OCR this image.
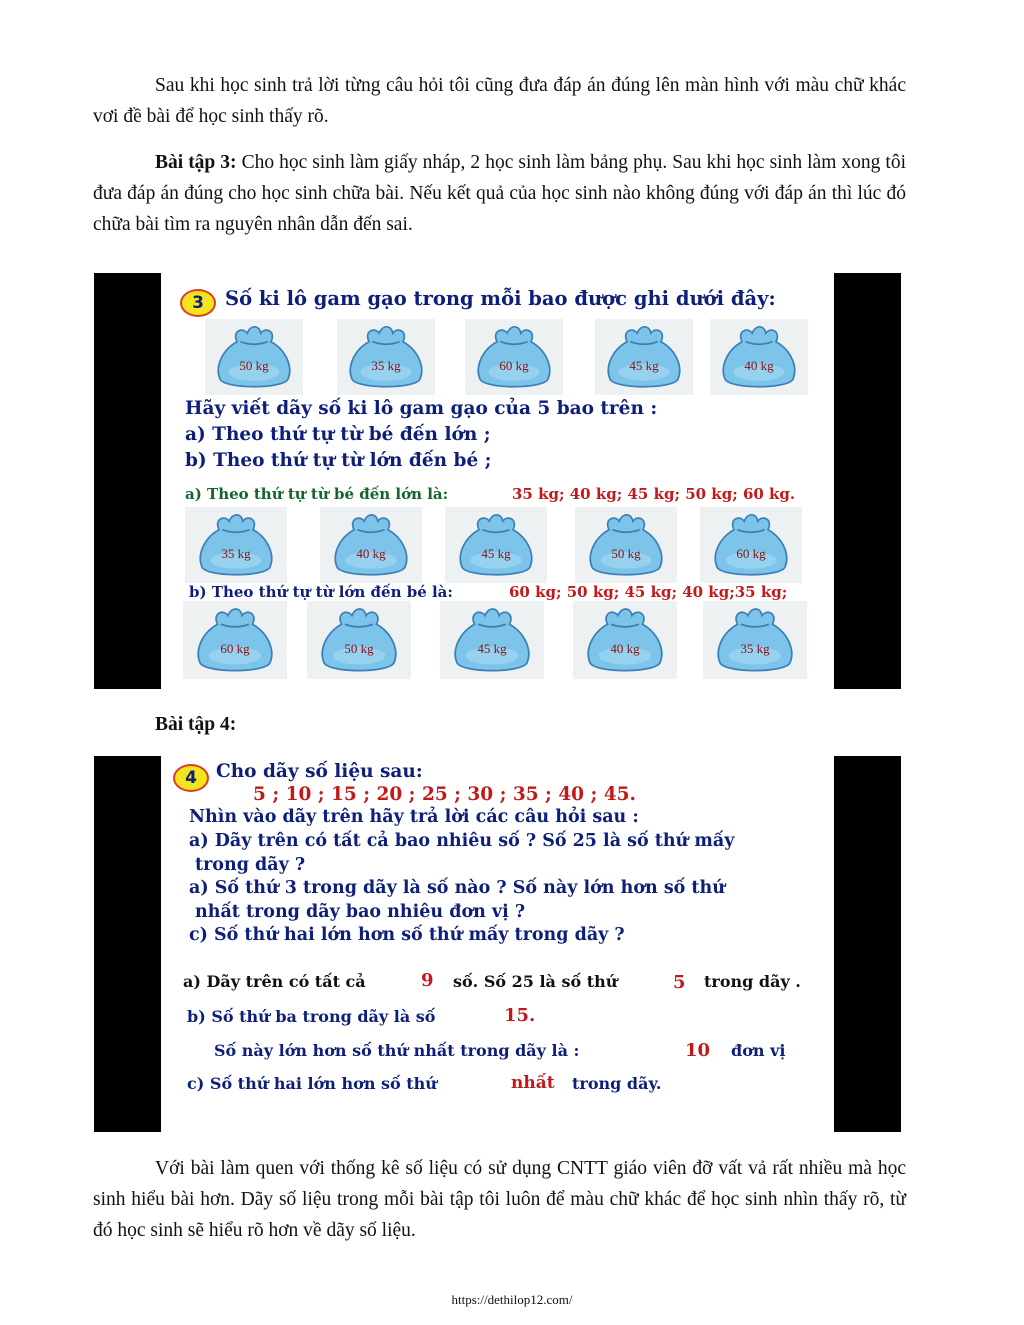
Sau khi học sinh trả lời từng câu hỏi tôi cũng đưa đáp án đúng lên màn hình với màu chữ khác vơi đề bài để học sinh thấy rõ.

Bài tập 3: Cho học sinh làm giấy nháp, 2 học sinh làm bảng phụ. Sau khi học sinh làm xong tôi đưa đáp án đúng cho học sinh chữa bài. Nếu kết quả của học sinh nào không đúng với đáp án thì lúc đó chữa bài tìm ra nguyên nhân dẫn đến sai.

3	Số ki lô gam gạo trong mỗi bao được ghi dưới đây:
50 kg	35 kg	60 kg	45 kg	40 kg
Hãy viết dãy số ki lô gam gạo của 5 bao trên :
a) Theo thứ tự từ bé đến lớn ;
b) Theo thứ tự từ lớn đến bé ;
a) Theo thứ tự từ bé đến lớn là:	35 kg; 40 kg; 45 kg; 50 kg; 60 kg.
35 kg	40 kg	45 kg	50 kg	60 kg
b) Theo thứ tự từ lớn đến bé là:	60 kg; 50 kg; 45 kg; 40 kg;35 kg;
60 kg	50 kg	45 kg	40 kg	35 kg
Bài tập 4:
4	Cho dãy số liệu sau:
5 ; 10 ; 15 ; 20 ; 25 ; 30 ; 35 ; 40 ; 45.
Nhìn vào dãy trên hãy trả lời các câu hỏi sau :
a) Dãy trên có tất cả bao nhiêu số ? Số 25 là số thứ mấy
trong dãy ?
a) Số thứ 3 trong dãy là số nào ? Số này lớn hơn số thứ
nhất trong dãy bao nhiêu đơn vị ?
c) Số thứ hai lớn hơn số thứ mấy trong dãy ?
a) Dãy trên có tất cả	9 số. Số 25 là số thứ	5 trong dãy .
b) Số thứ ba trong dãy là số	15.
Số này lớn hơn số thứ nhất trong dãy là :	10 đơn vị
c) Số thứ hai lớn hơn số thứ	nhất trong dãy.

Với bài làm quen với thống kê số liệu có sử dụng CNTT giáo viên đỡ vất vả rất nhiều mà học sinh hiểu bài hơn. Dãy số liệu trong mỗi bài tập tôi luôn để màu chữ khác để học sinh nhìn thấy rõ, từ đó học sinh sẽ hiểu rõ hơn về dãy số liệu.

https://dethilop12.com/
